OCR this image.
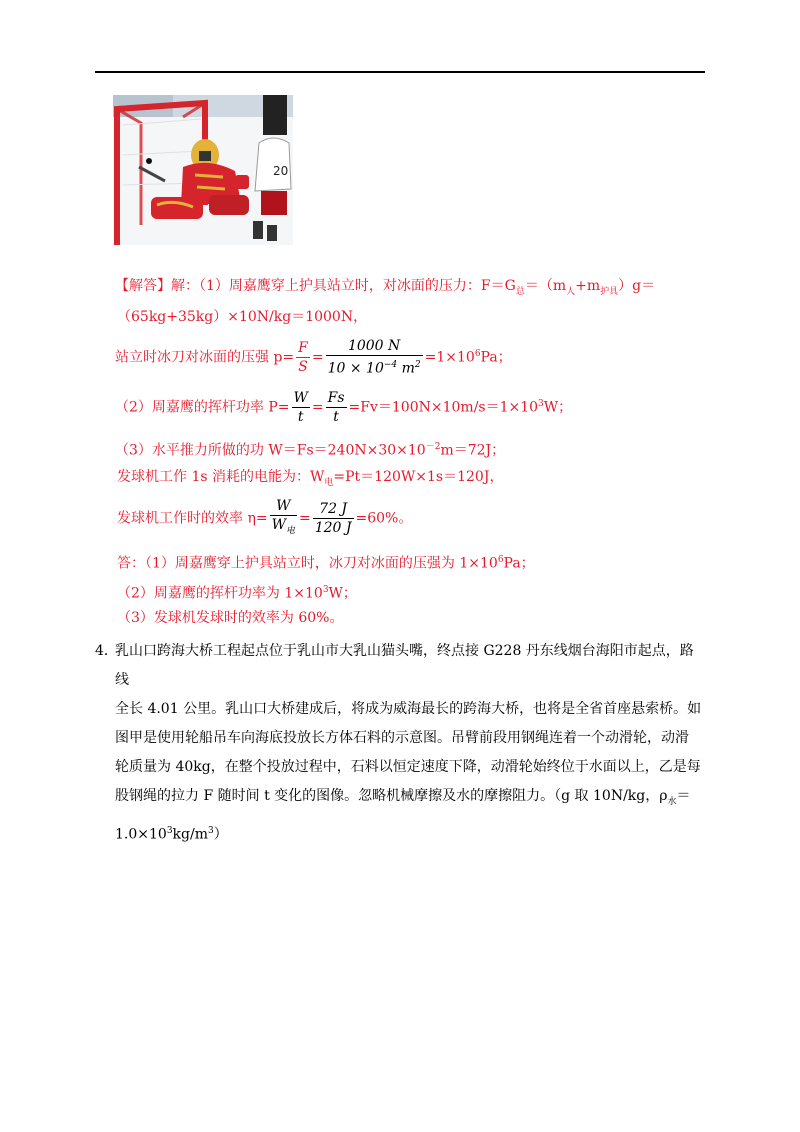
20
【解答】解：（1）周嘉鹰穿上护具站立时，对冰面的压力：$F=G_总=(m_人+m_{护具})g=$
（65kg+35kg）×10N/kg＝1000N，
站立时冰刀对冰面的压强 $p= \frac{F}{S} = \frac{1000 N}{10 \times 10^{-4} m^2} =1\times 10^6Pa$；
（2）周嘉鹰的挥杆功率 $P= \frac{W}{t} = \frac{Fs}{t} =Fv=100N\times 10m/s=1\times 10^3W$；
（3）水平推力所做的功 $W=Fs=240N\times 30\times 10^{-2}m=72J$；
发球机工作 1s 消耗的电能为：$W_电=Pt=120W\times 1s=120J$，
发球机工作时的效率 $\eta= \frac{W}{W_电} = \frac{72 J}{120 J} =60\%$。
答：（1）周嘉鹰穿上护具站立时，冰刀对冰面的压强为 $1\times 10^6Pa$；
（2）周嘉鹰的挥杆功率为 $1\times 10^3W$；
（3）发球机发球时的效率为 60%。
4．

乳山口跨海大桥工程起点位于乳山市大乳山猫头嘴，终点接 G228 丹东线烟台海阳市起点，路线

全长 4.01 公里。乳山口大桥建成后，将成为威海最长的跨海大桥，也将是全省首座悬索桥。如

图甲是使用轮船吊车向海底投放长方体石料的示意图。吊臂前段用钢绳连着一个动滑轮，动滑

轮质量为 40kg，在整个投放过程中，石料以恒定速度下降，动滑轮始终位于水面以上，乙是每

股钢绳的拉力 F 随时间 t 变化的图像。忽略机械摩擦及水的摩擦阻力。（g 取 10N/kg，$\rho_水=$

$1.0\times 10^3kg/m^3$）
